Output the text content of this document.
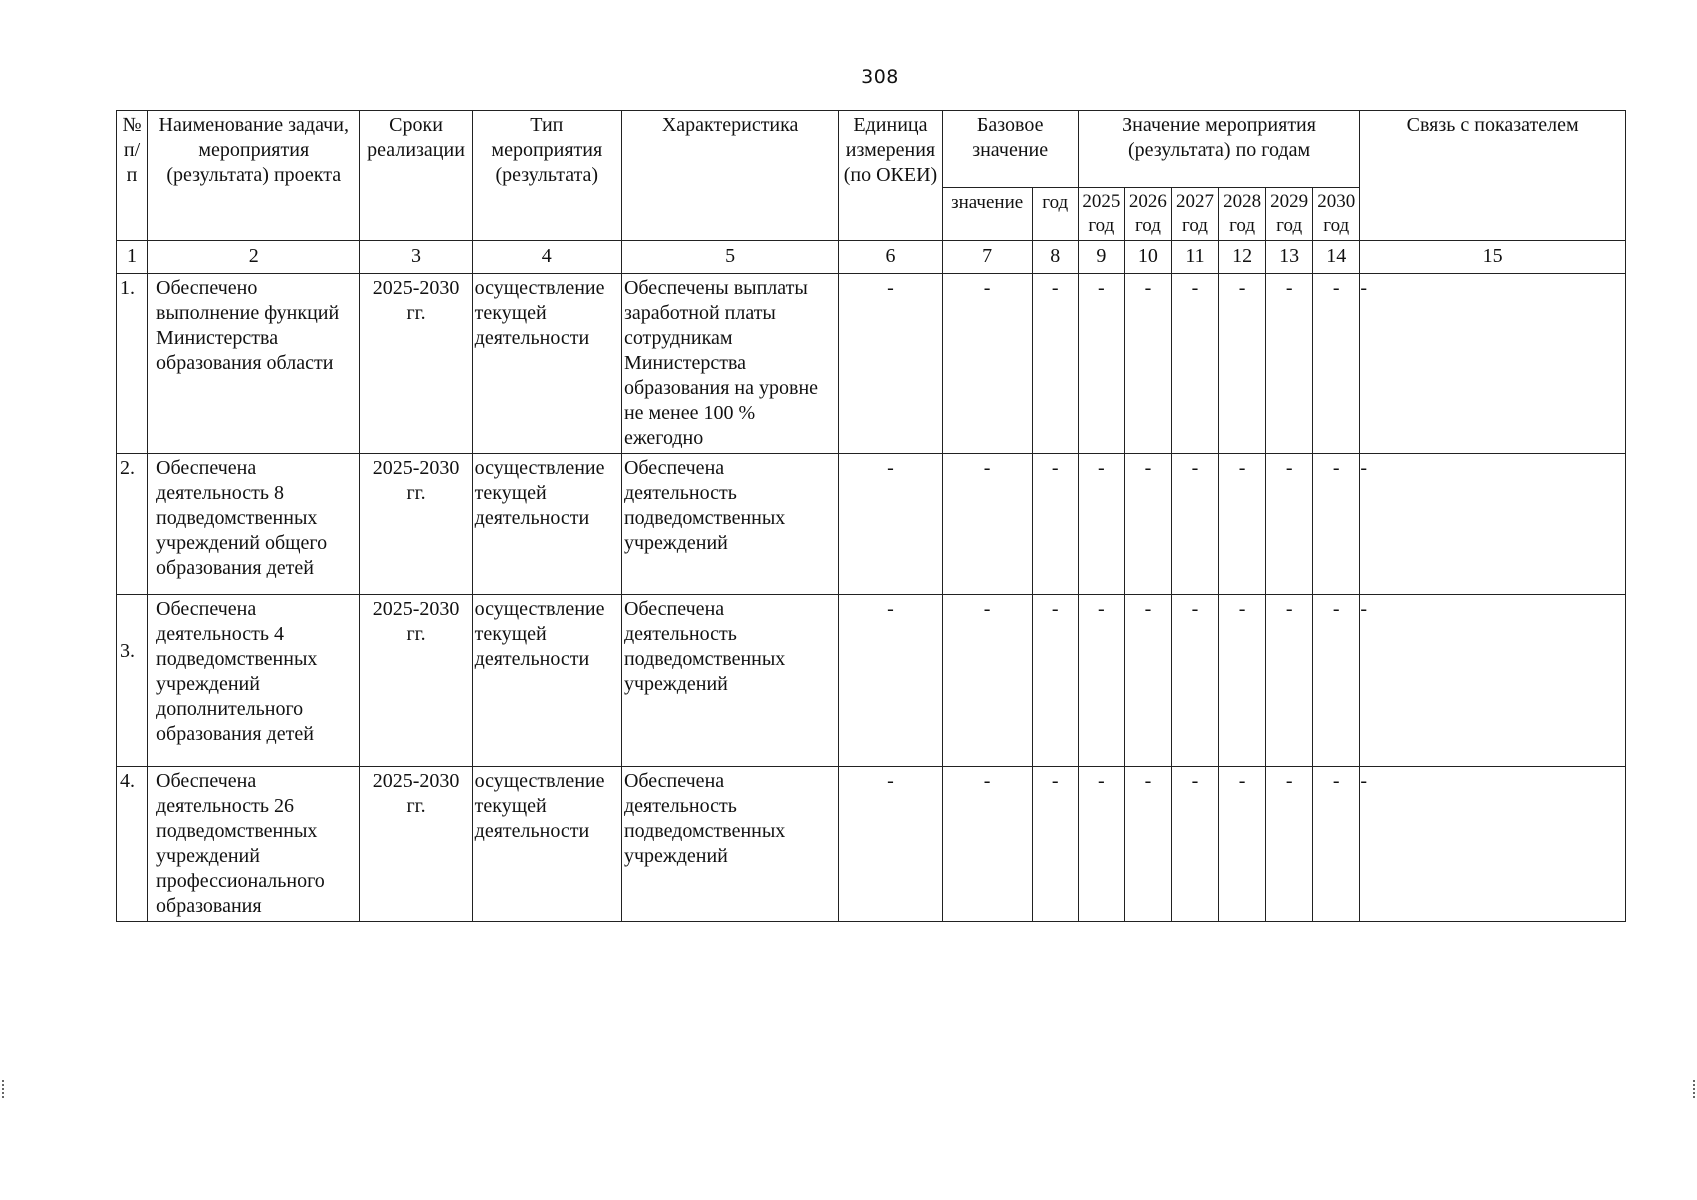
308
№ п/п	Наименование задачи, мероприятия (результата) проекта	Сроки реализации	Тип мероприятия (результата)	Характеристика	Единица измерения (по ОКЕИ)	Базовое значение		Значение мероприятия (результата) по годам						Связь с показателем
						значение	год	2025 год	2026 год	2027 год	2028 год	2029 год	2030 год	
1	2	3	4	5	6	7	8	9	10	11	12	13	14	15
1.	Обеспечено выполнение функций Министерства образования области	2025-2030 гг.	осуществление текущей деятельности	Обеспечены выплаты заработной платы сотрудникам Министерства образования на уровне не менее 100 % ежегодно	-	-	-	-	-	-	-	-	-	-
2.	Обеспечена деятельность 8 подведомственных учреждений общего образования детей	2025-2030 гг.	осуществление текущей деятельности	Обеспечена деятельность подведомственных учреждений	-	-	-	-	-	-	-	-	-	-
3.	Обеспечена деятельность 4 подведомственных учреждений дополнительного образования детей	2025-2030 гг.	осуществление текущей деятельности	Обеспечена деятельность подведомственных учреждений	-	-	-	-	-	-	-	-	-	-
4.	Обеспечена деятельность 26 подведомственных учреждений профессионального образования	2025-2030 гг.	осуществление текущей деятельности	Обеспечена деятельность подведомственных учреждений	-	-	-	-	-	-	-	-	-	-
